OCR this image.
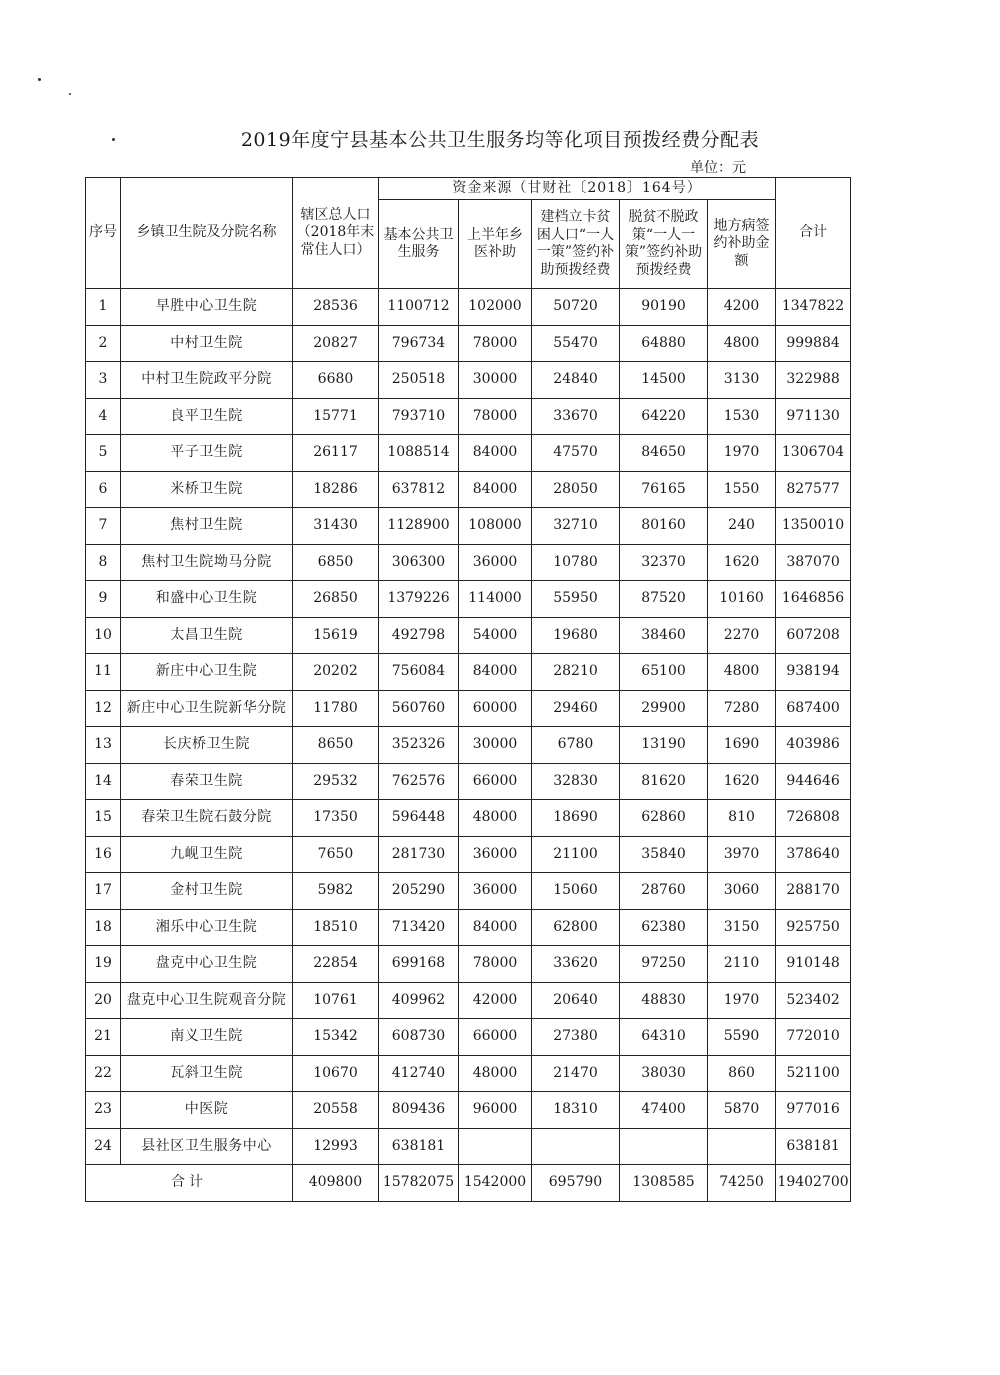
2019年度宁县基本公共卫生服务均等化项目预拨经费分配表
单位：元
序号	乡镇卫生院及分院名称	辖区总人口（2018年末常住人口）	资金来源（甘财社〔2018〕164号）					合计
			基本公共卫生服务	上半年乡医补助	建档立卡贫困人口“一人一策”签约补助预拨经费	脱贫不脱政策“一人一策”签约补助预拨经费	地方病签约补助金额	
1	早胜中心卫生院	28536	1100712	102000	50720	90190	4200	1347822
2	中村卫生院	20827	796734	78000	55470	64880	4800	999884
3	中村卫生院政平分院	6680	250518	30000	24840	14500	3130	322988
4	良平卫生院	15771	793710	78000	33670	64220	1530	971130
5	平子卫生院	26117	1088514	84000	47570	84650	1970	1306704
6	米桥卫生院	18286	637812	84000	28050	76165	1550	827577
7	焦村卫生院	31430	1128900	108000	32710	80160	240	1350010
8	焦村卫生院坳马分院	6850	306300	36000	10780	32370	1620	387070
9	和盛中心卫生院	26850	1379226	114000	55950	87520	10160	1646856
10	太昌卫生院	15619	492798	54000	19680	38460	2270	607208
11	新庄中心卫生院	20202	756084	84000	28210	65100	4800	938194
12	新庄中心卫生院新华分院	11780	560760	60000	29460	29900	7280	687400
13	长庆桥卫生院	8650	352326	30000	6780	13190	1690	403986
14	春荣卫生院	29532	762576	66000	32830	81620	1620	944646
15	春荣卫生院石鼓分院	17350	596448	48000	18690	62860	810	726808
16	九岘卫生院	7650	281730	36000	21100	35840	3970	378640
17	金村卫生院	5982	205290	36000	15060	28760	3060	288170
18	湘乐中心卫生院	18510	713420	84000	62800	62380	3150	925750
19	盘克中心卫生院	22854	699168	78000	33620	97250	2110	910148
20	盘克中心卫生院观音分院	10761	409962	42000	20640	48830	1970	523402
21	南义卫生院	15342	608730	66000	27380	64310	5590	772010
22	瓦斜卫生院	10670	412740	48000	21470	38030	860	521100
23	中医院	20558	809436	96000	18310	47400	5870	977016
24	县社区卫生服务中心	12993	638181					638181
合计		409800	15782075	1542000	695790	1308585	74250	19402700
